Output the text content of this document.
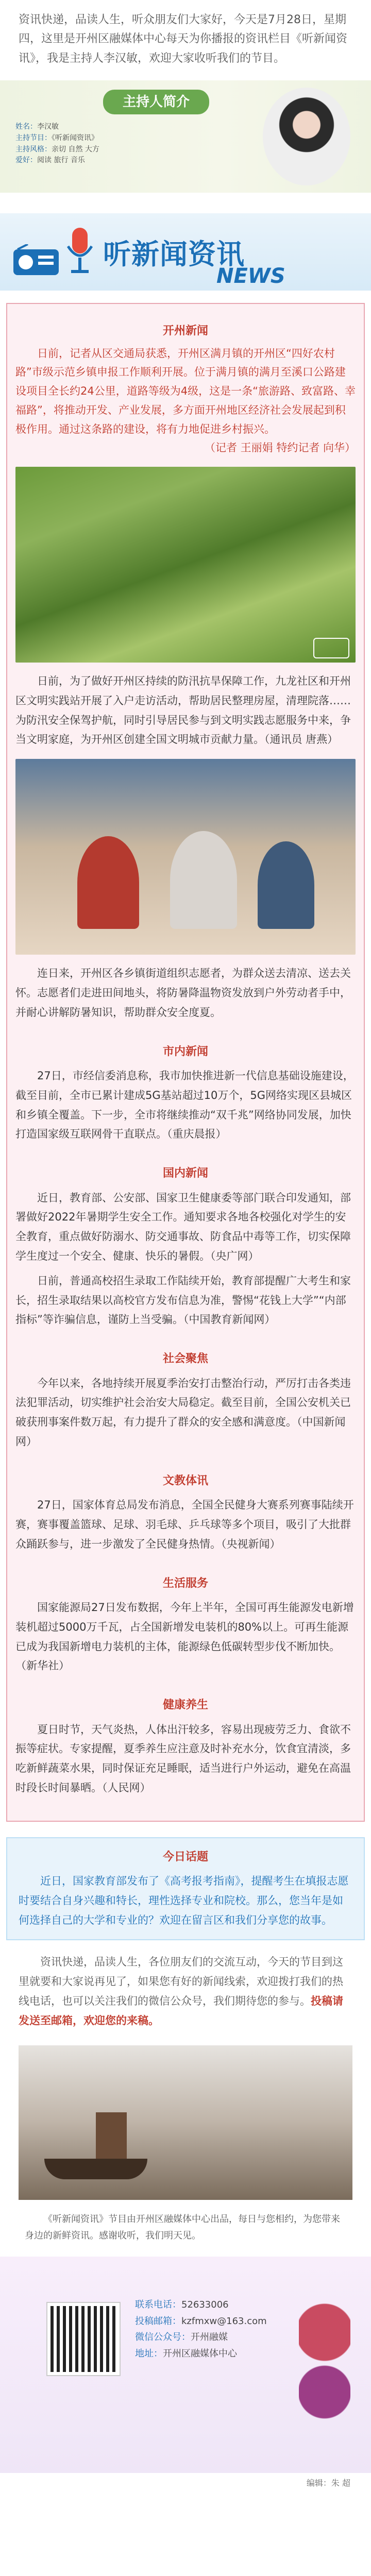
资讯快递，品读人生，听众朋友们大家好，今天是7月28日，星期四，这里是开州区融媒体中心每天为你播报的资讯栏目《听新闻资讯》，我是主持人李汉敏，欢迎大家收听我们的节目。
主持人简介
姓名：李汉敏
主持节目：《听新闻资讯》
主持风格：亲切 自然 大方
爱好：阅读 旅行 音乐
听新闻资讯
NEWS
开州新闻
日前，记者从区交通局获悉，开州区满月镇的开州区“四好农村路”市级示范乡镇申报工作顺利开展。位于满月镇的满月至溪口公路建设项目全长约24公里，道路等级为4级，这是一条“旅游路、致富路、幸福路”，将推动开发、产业发展，多方面开州地区经济社会发展起到积极作用。通过这条路的建设，将有力地促进乡村振兴。
（记者 王丽娟 特约记者 向华）
日前，为了做好开州区持续的防汛抗旱保障工作，九龙社区和开州区文明实践站开展了入户走访活动，帮助居民整理房屋，清理院落……为防汛安全保驾护航，同时引导居民参与到文明实践志愿服务中来，争当文明家庭，为开州区创建全国文明城市贡献力量。（通讯员 唐燕）
连日来，开州区各乡镇街道组织志愿者，为群众送去清凉、送去关怀。志愿者们走进田间地头，将防暑降温物资发放到户外劳动者手中，并耐心讲解防暑知识，帮助群众安全度夏。
市内新闻
27日，市经信委消息称，我市加快推进新一代信息基础设施建设，截至目前，全市已累计建成5G基站超过10万个，5G网络实现区县城区和乡镇全覆盖。下一步，全市将继续推动“双千兆”网络协同发展，加快打造国家级互联网骨干直联点。（重庆晨报）
国内新闻
近日，教育部、公安部、国家卫生健康委等部门联合印发通知，部署做好2022年暑期学生安全工作。通知要求各地各校强化对学生的安全教育，重点做好防溺水、防交通事故、防食品中毒等工作，切实保障学生度过一个安全、健康、快乐的暑假。（央广网）
日前，普通高校招生录取工作陆续开始，教育部提醒广大考生和家长，招生录取结果以高校官方发布信息为准，警惕“花钱上大学”“内部指标”等诈骗信息，谨防上当受骗。（中国教育新闻网）
社会聚焦
今年以来，各地持续开展夏季治安打击整治行动，严厉打击各类违法犯罪活动，切实维护社会治安大局稳定。截至目前，全国公安机关已破获刑事案件数万起，有力提升了群众的安全感和满意度。（中国新闻网）
文教体讯
27日，国家体育总局发布消息，全国全民健身大赛系列赛事陆续开赛，赛事覆盖篮球、足球、羽毛球、乒乓球等多个项目，吸引了大批群众踊跃参与，进一步激发了全民健身热情。（央视新闻）
生活服务
国家能源局27日发布数据，今年上半年，全国可再生能源发电新增装机超过5000万千瓦，占全国新增发电装机的80%以上。可再生能源已成为我国新增电力装机的主体，能源绿色低碳转型步伐不断加快。（新华社）
健康养生
夏日时节，天气炎热，人体出汗较多，容易出现疲劳乏力、食欲不振等症状。专家提醒，夏季养生应注意及时补充水分，饮食宜清淡，多吃新鲜蔬菜水果，同时保证充足睡眠，适当进行户外运动，避免在高温时段长时间暴晒。（人民网）
今日话题

近日，国家教育部发布了《高考报考指南》，提醒考生在填报志愿时要结合自身兴趣和特长，理性选择专业和院校。那么，您当年是如何选择自己的大学和专业的？欢迎在留言区和我们分享您的故事。

资讯快递，品读人生，各位朋友们的交流互动，今天的节目到这里就要和大家说再见了，如果您有好的新闻线索，欢迎拨打我们的热线电话，也可以关注我们的微信公众号，我们期待您的参与。投稿请发送至邮箱，欢迎您的来稿。
《听新闻资讯》节目由开州区融媒体中心出品，每日与您相约，为您带来身边的新鲜资讯。感谢收听，我们明天见。
联系电话：52633006
投稿邮箱：kzfmxw@163.com
微信公众号：开州融媒
地址：开州区融媒体中心
编辑：朱 超
